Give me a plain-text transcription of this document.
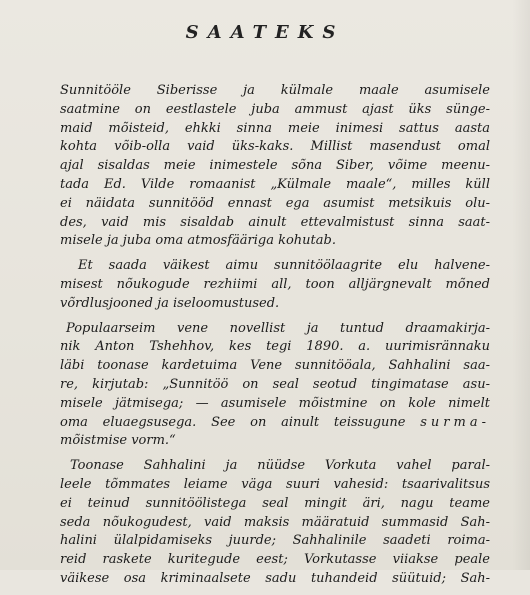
SAATEKS

Sunnitööle Siberisse ja külmale maale asumisele
saatmine on eestlastele juba ammust ajast üks sünge-
maid mõisteid, ehkki sinna meie inimesi sattus aasta
kohta võib-olla vaid üks-kaks. Millist masendust omal
ajal sisaldas meie inimestele sõna Siber, võime meenu-
tada Ed. Vilde romaanist „Külmale maale“, milles küll
ei näidata sunnitööd ennast ega asumist metsikuis olu-
des, vaid mis sisaldab ainult ettevalmistust sinna saat-
misele ja juba oma atmosfääriga kohutab.

Et saada väikest aimu sunnitöölaagrite elu halvene-
misest nõukogude rezhiimi all, toon alljärgnevalt mõned
võrdlusjooned ja iseloomustused.

Populaarseim vene novellist ja tuntud draamakirja-
nik Anton Tshehhov, kes tegi 1890. a. uurimisrännaku
läbi toonase kardetuima Vene sunnitööala, Sahhalini saa-
re, kirjutab: „Sunnitöö on seal seotud tingimatase asu-
misele jätmisega; — asumisele mõistmine on kole nimelt
oma eluaegsusega. See on ainult teissugune surma-
mõistmise vorm.“

Toonase Sahhalini ja nüüdse Vorkuta vahel paral-
leele tõmmates leiame väga suuri vahesid: tsaarivalitsus
ei teinud sunnitöölistega seal mingit äri, nagu teame
seda nõukogudest, vaid maksis määratuid summasid Sah-
halini ülalpidamiseks juurde; Sahhalinile saadeti roima-
reid raskete kuritegude eest; Vorkutasse viiakse peale
väikese osa kriminaalsete sadu tuhandeid süütuid; Sah-
